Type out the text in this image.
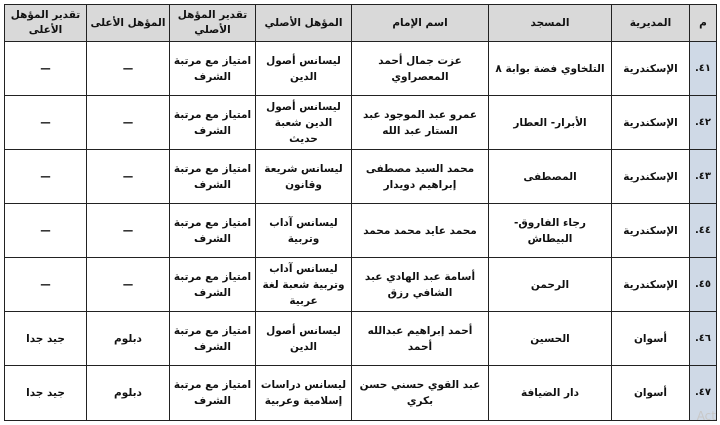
م	المديرية	المسجد	اسم الإمام	المؤهل الأصلي	تقدير المؤهل الأصلي	المؤهل الأعلى	تقدير المؤهل الأعلى
٤١.	الإسكندرية	التلخاوي فضة بوابة ٨	عزت جمال أحمد المعصراوي	ليسانس أصول الدين	امتياز مع مرتبة الشرف	—	—
٤٢.	الإسكندرية	الأبرار- العطار	عمرو عبد الموجود عبد الستار عبد الله	ليسانس أصول الدين شعبة حديث	امتياز مع مرتبة الشرف	—	—
٤٣.	الإسكندرية	المصطفى	محمد السيد مصطفى إبراهيم دويدار	ليسانس شريعة وقانون	امتياز مع مرتبة الشرف	—	—
٤٤.	الإسكندرية	رجاء الفاروق- البيطاش	محمد عايد محمد محمد	ليسانس آداب وتربية	امتياز مع مرتبة الشرف	—	—
٤٥.	الإسكندرية	الرحمن	أسامة عبد الهادي عبد الشافي رزق	ليسانس آداب وتربية شعبة لغة عربية	امتياز مع مرتبة الشرف	—	—
٤٦.	أسوان	الحسين	أحمد إبراهيم عبدالله أحمد	ليسانس أصول الدين	امتياز مع مرتبة الشرف	دبلوم	جيد جدا
٤٧.	أسوان	دار الضيافة	عبد القوي حسني حسن بكري	ليسانس دراسات إسلامية وعربية	امتياز مع مرتبة الشرف	دبلوم	جيد جدا
Act
